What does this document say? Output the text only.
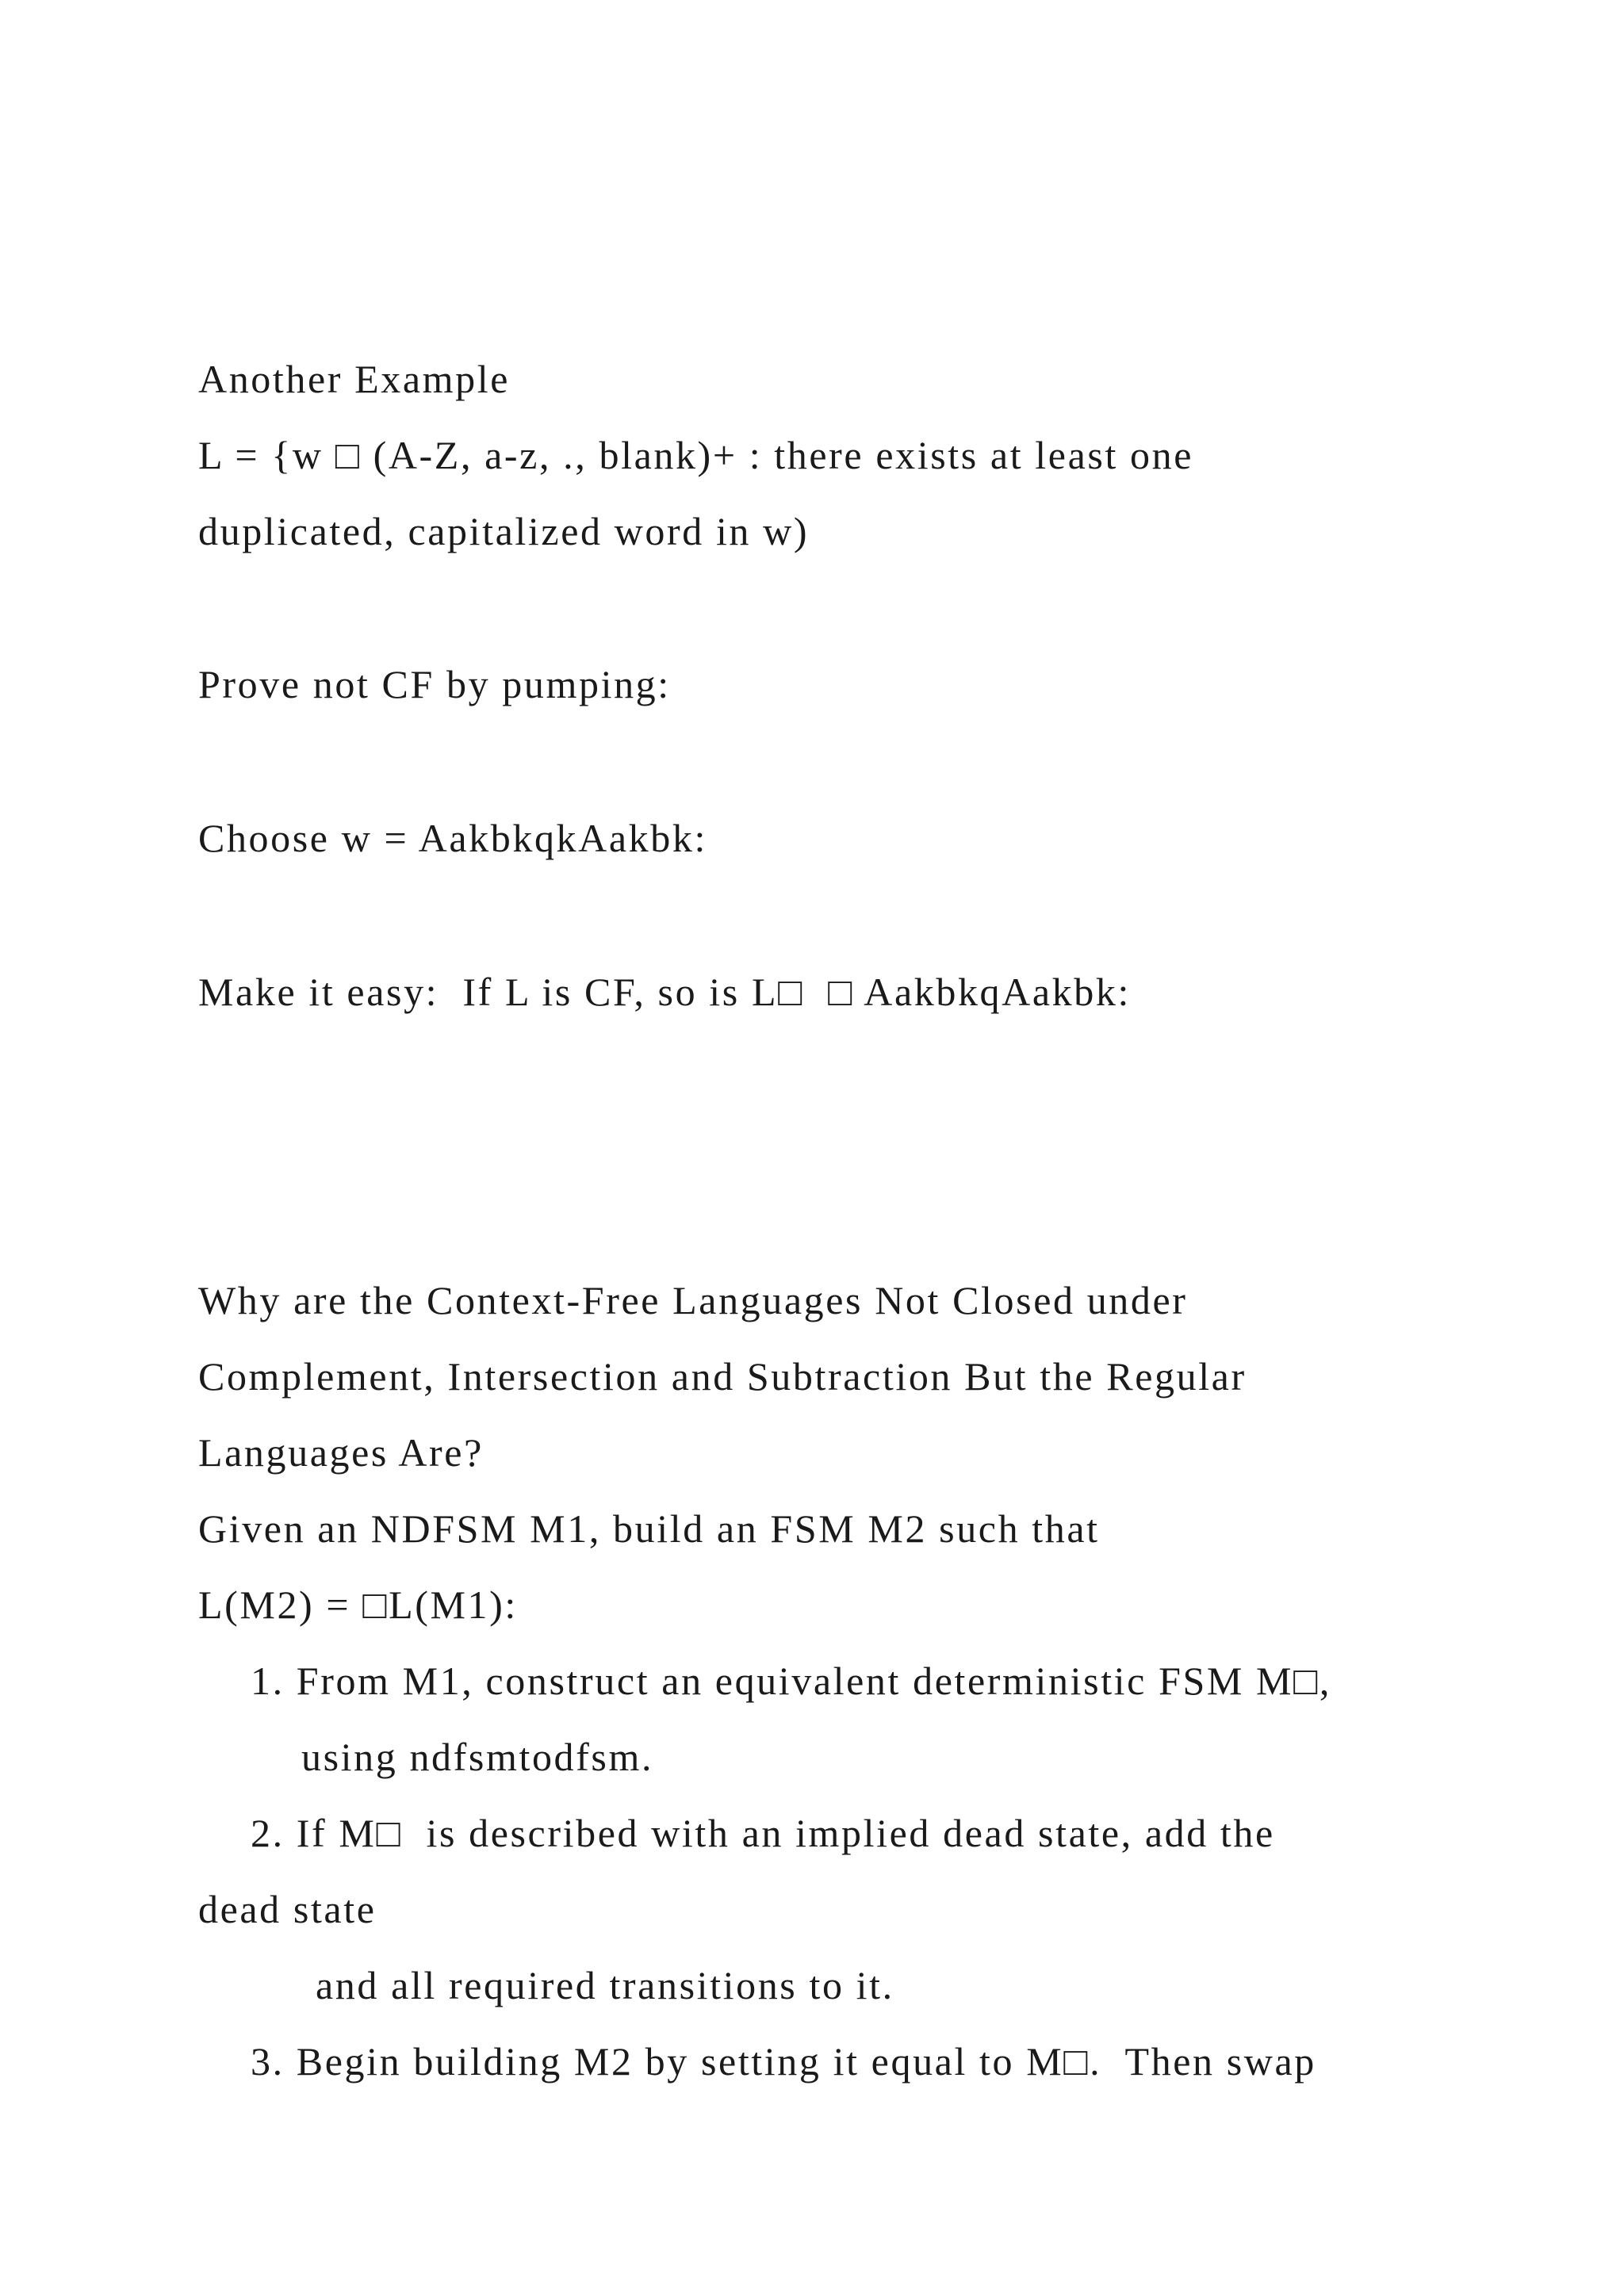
Another Example
L = {w □ (A-Z, a-z, ., blank)+ : there exists at least one
duplicated, capitalized word in w)
Prove not CF by pumping:
Choose w = AakbkqkAakbk:
Make it easy:  If L is CF, so is L□  □ AakbkqAakbk:
Why are the Context-Free Languages Not Closed under
Complement, Intersection and Subtraction But the Regular
Languages Are?
Given an NDFSM M1, build an FSM M2 such that
L(M2) = □L(M1):
1. From M1, construct an equivalent deterministic FSM M□,
using ndfsmtodfsm.
2. If M□  is described with an implied dead state, add the
dead state
and all required transitions to it.
3. Begin building M2 by setting it equal to M□.  Then swap
